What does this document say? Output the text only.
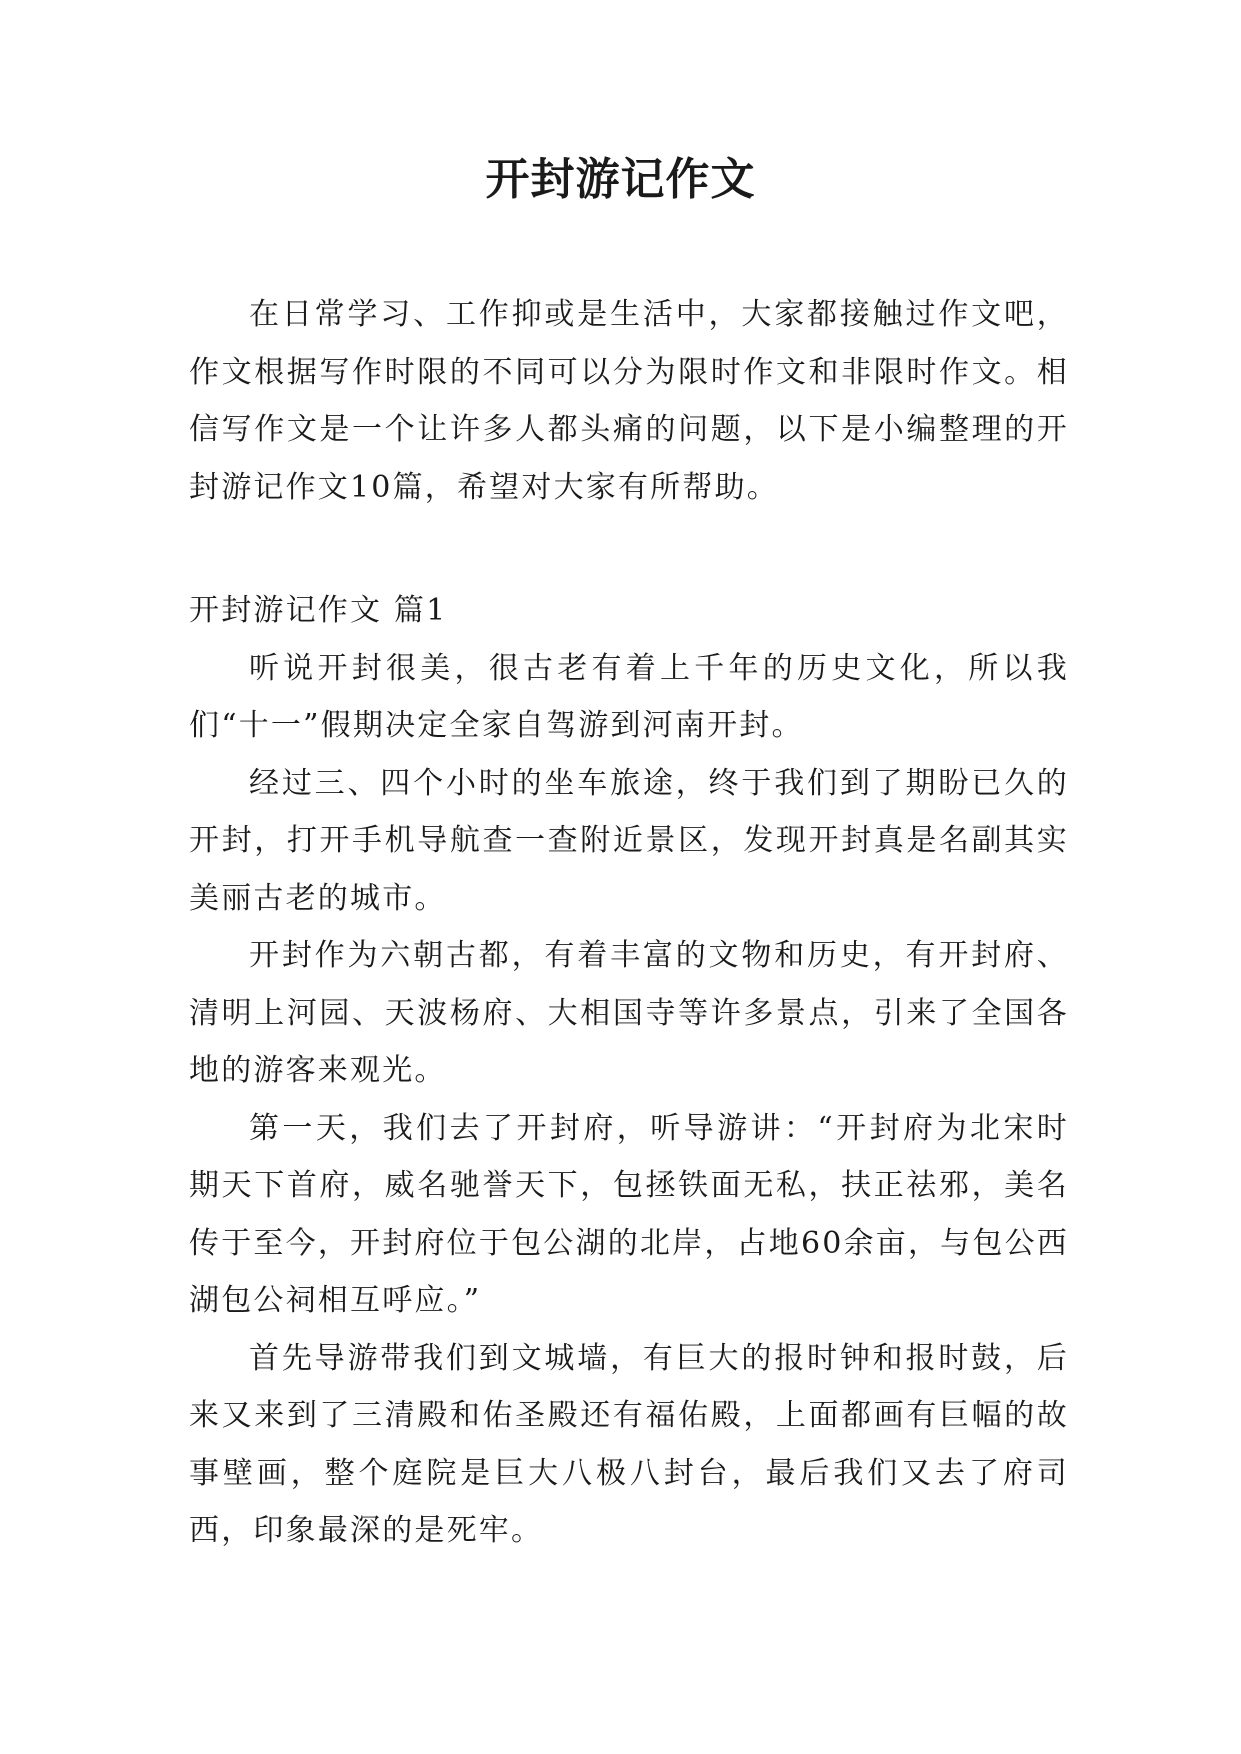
开封游记作文

在日常学习、工作抑或是生活中，大家都接触过作文吧，作文根据写作时限的不同可以分为限时作文和非限时作文。相信写作文是一个让许多人都头痛的问题，以下是小编整理的开封游记作文10篇，希望对大家有所帮助。

开封游记作文 篇1

听说开封很美，很古老有着上千年的历史文化，所以我们“十一”假期决定全家自驾游到河南开封。

经过三、四个小时的坐车旅途，终于我们到了期盼已久的开封，打开手机导航查一查附近景区，发现开封真是名副其实美丽古老的城市。

开封作为六朝古都，有着丰富的文物和历史，有开封府、清明上河园、天波杨府、大相国寺等许多景点，引来了全国各地的游客来观光。

第一天，我们去了开封府，听导游讲：“开封府为北宋时期天下首府，威名驰誉天下，包拯铁面无私，扶正祛邪，美名传于至今，开封府位于包公湖的北岸，占地60余亩，与包公西湖包公祠相互呼应。”

首先导游带我们到文城墙，有巨大的报时钟和报时鼓，后来又来到了三清殿和佑圣殿还有福佑殿，上面都画有巨幅的故事壁画，整个庭院是巨大八极八封台，最后我们又去了府司西，印象最深的是死牢。
